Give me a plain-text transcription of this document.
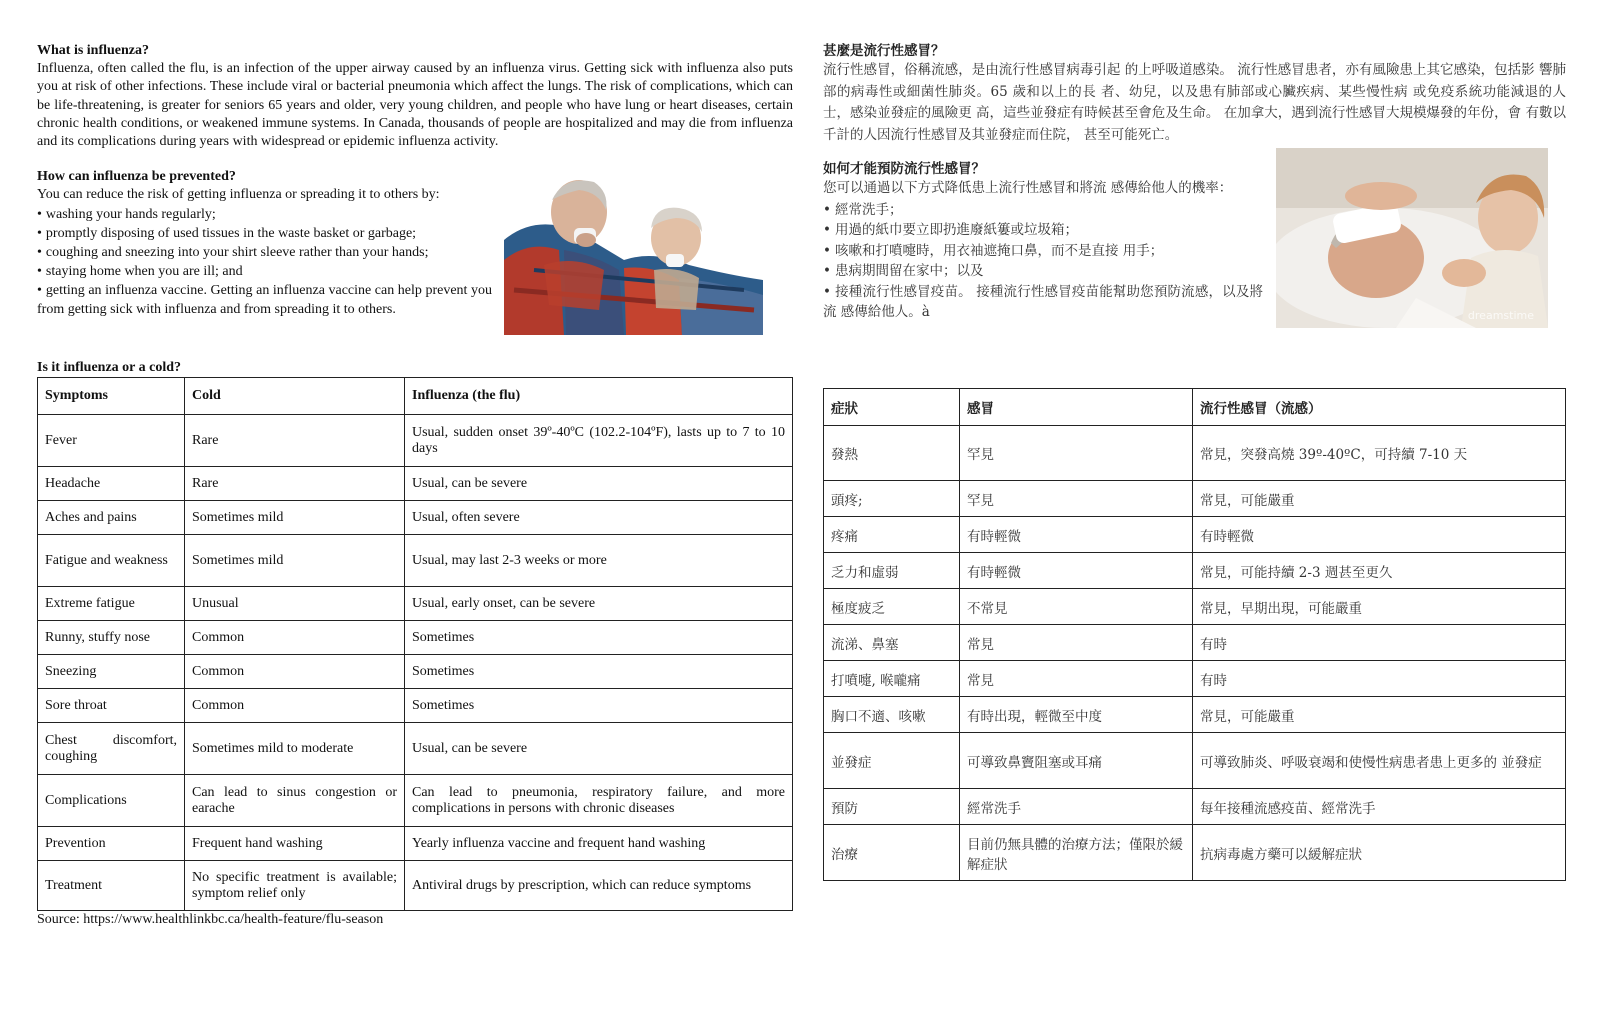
What is influenza?

Influenza, often called the flu, is an infection of the upper airway caused by an influenza virus. Getting sick with influenza also puts you at risk of other infections. These include viral or bacterial pneumonia which affect the lungs. The risk of complications, which can be life-threatening, is greater for seniors 65 years and older, very young children, and people who have lung or heart diseases, certain chronic health conditions, or weakened immune systems. In Canada, thousands of people are hospitalized and may die from influenza and its complications during years with widespread or epidemic influenza activity.

How can influenza be prevented?

You can reduce the risk of getting influenza or spreading it to others by:

• washing your hands regularly;
• promptly disposing of used tissues in the waste basket or garbage;
• coughing and sneezing into your shirt sleeve rather than your hands;
• staying home when you are ill; and
• getting an influenza vaccine. Getting an influenza vaccine can help prevent you from getting sick with influenza and from spreading it to others.
Is it influenza or a cold?
Symptoms	Cold	Influenza (the flu)
Fever	Rare	Usual, sudden onset 39º-40ºC (102.2-104ºF), lasts up to 7 to 10 days
Headache	Rare	Usual, can be severe
Aches and pains	Sometimes mild	Usual, often severe
Fatigue and weakness	Sometimes mild	Usual, may last 2-3 weeks or more
Extreme fatigue	Unusual	Usual, early onset, can be severe
Runny, stuffy nose	Common	Sometimes
Sneezing	Common	Sometimes
Sore throat	Common	Sometimes
Chest discomfort, coughing	Sometimes mild to moderate	Usual, can be severe
Complications	Can lead to sinus congestion or earache	Can lead to pneumonia, respiratory failure, and more complications in persons with chronic diseases
Prevention	Frequent hand washing	Yearly influenza vaccine and frequent hand washing
Treatment	No specific treatment is available; symptom relief only	Antiviral drugs by prescription, which can reduce symptoms
Source: https://www.healthlinkbc.ca/health-feature/flu-season
甚麼是流行性感冒？

流行性感冒，俗稱流感，是由流行性感冒病毒引起 的上呼吸道感染。 流行性感冒患者，亦有風險患上其它感染，包括影 響肺部的病毒性或細菌性肺炎。65 歲和以上的長 者、幼兒，以及患有肺部或心臟疾病、某些慢性病 或免疫系統功能減退的人士，感染並發症的風險更 高，這些並發症有時候甚至會危及生命。 在加拿大，遇到流行性感冒大規模爆發的年份，會 有數以千計的人因流行性感冒及其並發症而住院， 甚至可能死亡。

如何才能預防流行性感冒？

您可以通過以下方式降低患上流行性感冒和將流 感傳給他人的機率：

• 經常洗手；
• 用過的紙巾要立即扔進廢紙簍或垃圾箱；
• 咳嗽和打噴嚏時，用衣袖遮掩口鼻，而不是直接 用手；
• 患病期間留在家中；以及
• 接種流行性感冒疫苗。 接種流行性感冒疫苗能幫助您預防流感，以及將流 感傳給他人。à	dreamstime
症狀	感冒	流行性感冒（流感）
發熱	罕見	常見，突發高燒 39º-40ºC，可持續 7-10 天
頭疼;	罕見	常見，可能嚴重
疼痛	有時輕微	有時輕微
乏力和虛弱	有時輕微	常見，可能持續 2-3 週甚至更久
極度疲乏	不常見	常見，早期出現，可能嚴重
流涕、鼻塞	常見	有時
打噴嚏, 喉嚨痛	常見	有時
胸口不適、咳嗽	有時出現，輕微至中度	常見，可能嚴重
並發症	可導致鼻竇阻塞或耳痛	可導致肺炎、呼吸衰竭和使慢性病患者患上更多的 並發症
預防	經常洗手	每年接種流感疫苗、經常洗手
治療	目前仍無具體的治療方法；僅限於緩解症狀	抗病毒處方藥可以緩解症狀
